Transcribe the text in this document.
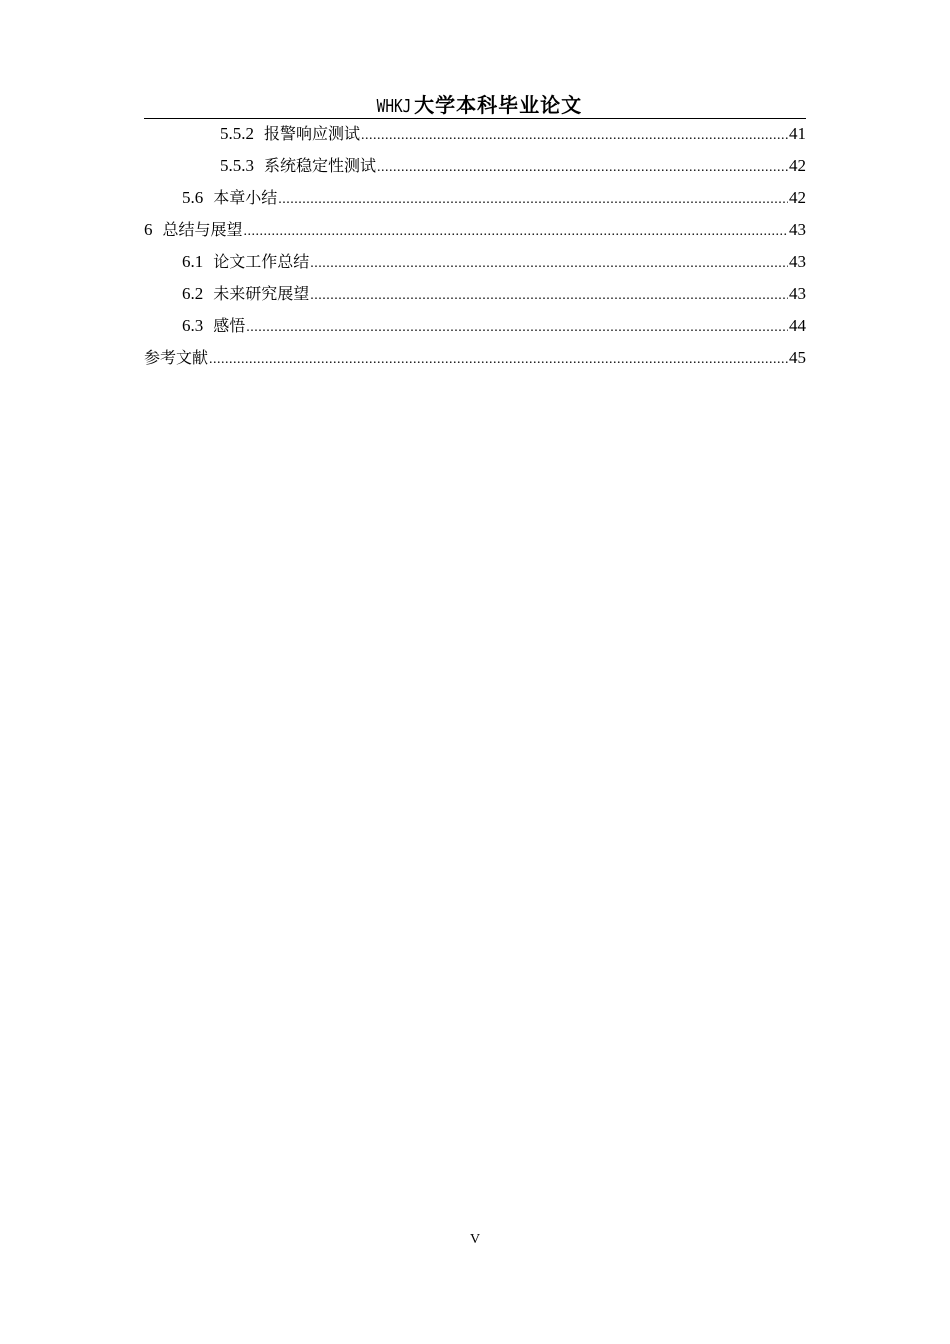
WHKJ 大学本科毕业论文
5.5.2 报警响应测试 .....	41
5.5.3 系统稳定性测试 .....	42
5.6 本章小结 .....	42
6 总结与展望 .....	43
6.1 论文工作总结 .....	43
6.2 未来研究展望 .....	43
6.3 感悟 .....	44
参考文献 .....	45
V
